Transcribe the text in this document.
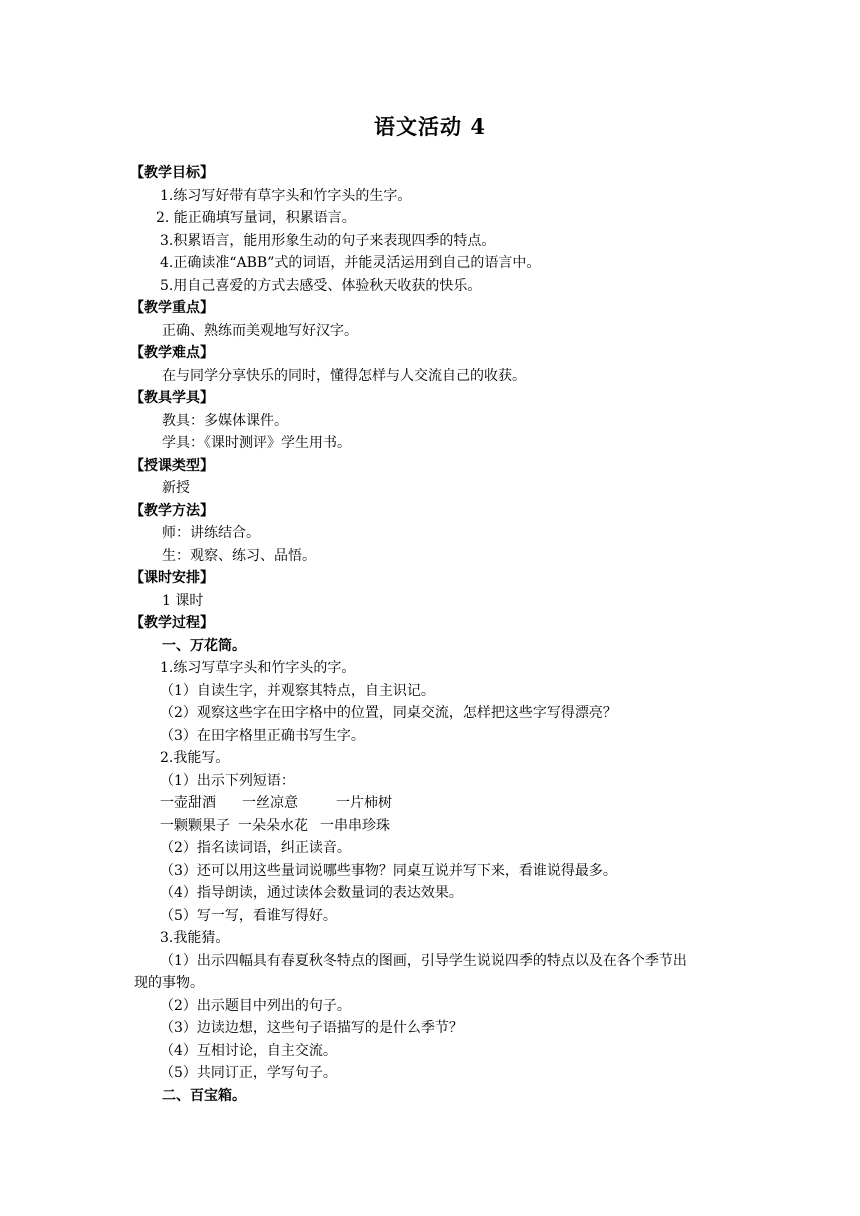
语文活动 4
【教学目标】
1.练习写好带有草字头和竹字头的生字。
2. 能正确填写量词，积累语言。
3.积累语言，能用形象生动的句子来表现四季的特点。
4.正确读准“ABB”式的词语，并能灵活运用到自己的语言中。
5.用自己喜爱的方式去感受、体验秋天收获的快乐。
【教学重点】
正确、熟练而美观地写好汉字。
【教学难点】
在与同学分享快乐的同时，懂得怎样与人交流自己的收获。
【教具学具】
教具：多媒体课件。
学具：《课时测评》学生用书。
【授课类型】
新授
【教学方法】
师：讲练结合。
生：观察、练习、品悟。
【课时安排】
1 课时
【教学过程】
一、万花筒。
1.练习写草字头和竹字头的字。
（1）自读生字，并观察其特点，自主识记。
（2）观察这些字在田字格中的位置，同桌交流，怎样把这些字写得漂亮？
（3）在田字格里正确书写生字。
2.我能写。
（1）出示下列短语：
一壶甜酒 一丝凉意	一片柿树
一颗颗果子 一朵朵水花 一串串珍珠
（2）指名读词语，纠正读音。
（3）还可以用这些量词说哪些事物？同桌互说并写下来，看谁说得最多。
（4）指导朗读，通过读体会数量词的表达效果。
（5）写一写，看谁写得好。
3.我能猜。
（1）出示四幅具有春夏秋冬特点的图画，引导学生说说四季的特点以及在各个季节出
现的事物。
（2）出示题目中列出的句子。
（3）边读边想，这些句子语描写的是什么季节？
（4）互相讨论，自主交流。
（5）共同订正，学写句子。
二、百宝箱。
